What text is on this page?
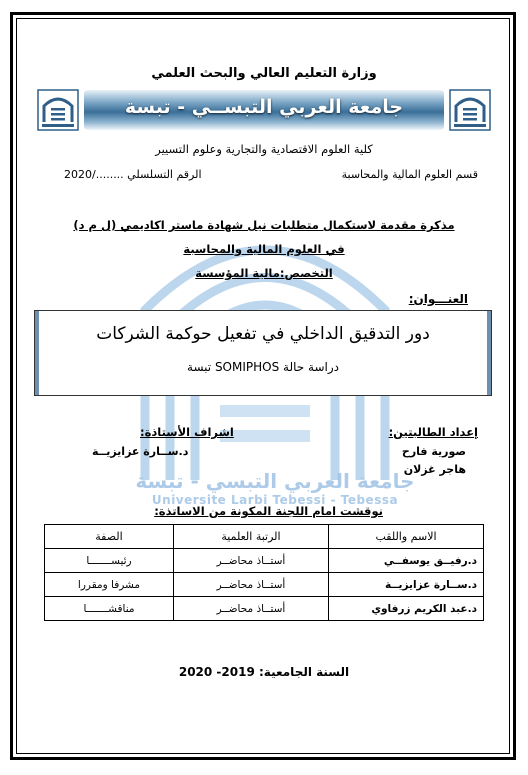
جامعة العربي التبسي - تبسة
Universite Larbi Tebessi - Tebessa
وزارة التعليم العالي والبحث العلمي
جامعة العربي التبســي - تبسة
كلية العلوم الاقتصادية والتجارية وعلوم التسيير
قسم العلوم المالية والمحاسبة
الرقم التسلسلي ......../2020
مذكرة مقدمة لاستكمال متطلبات نيل شهادة ماستر اكاديمي (ل م د)
في العلوم المالية والمحاسبة
التخصص:مالية المؤسسة
العنـــوان:
دور التدقيق الداخلي في تفعيل حوكمة الشركات
دراسة حالة SOMIPHOS تبسة
إعداد الطالبتين:
اشراف الأستاذة:
صورية فارح
هاجر غزلان
د.ســارة عزايزيــة
نوقشت امام اللجنة المكونة من الاساتذة:
الاسم واللقب	الرتبة العلمية	الصفة
د.رفيــق يوسفــي	أستــاذ محاضــر	رئيســـــــا
د.ســارة عزايزيــة	أستــاذ محاضــر	مشرفا ومقررا
د.عبد الكريم زرفاوي	أستــاذ محاضــر	مناقشـــــــا
السنة الجامعية: 2019- 2020
